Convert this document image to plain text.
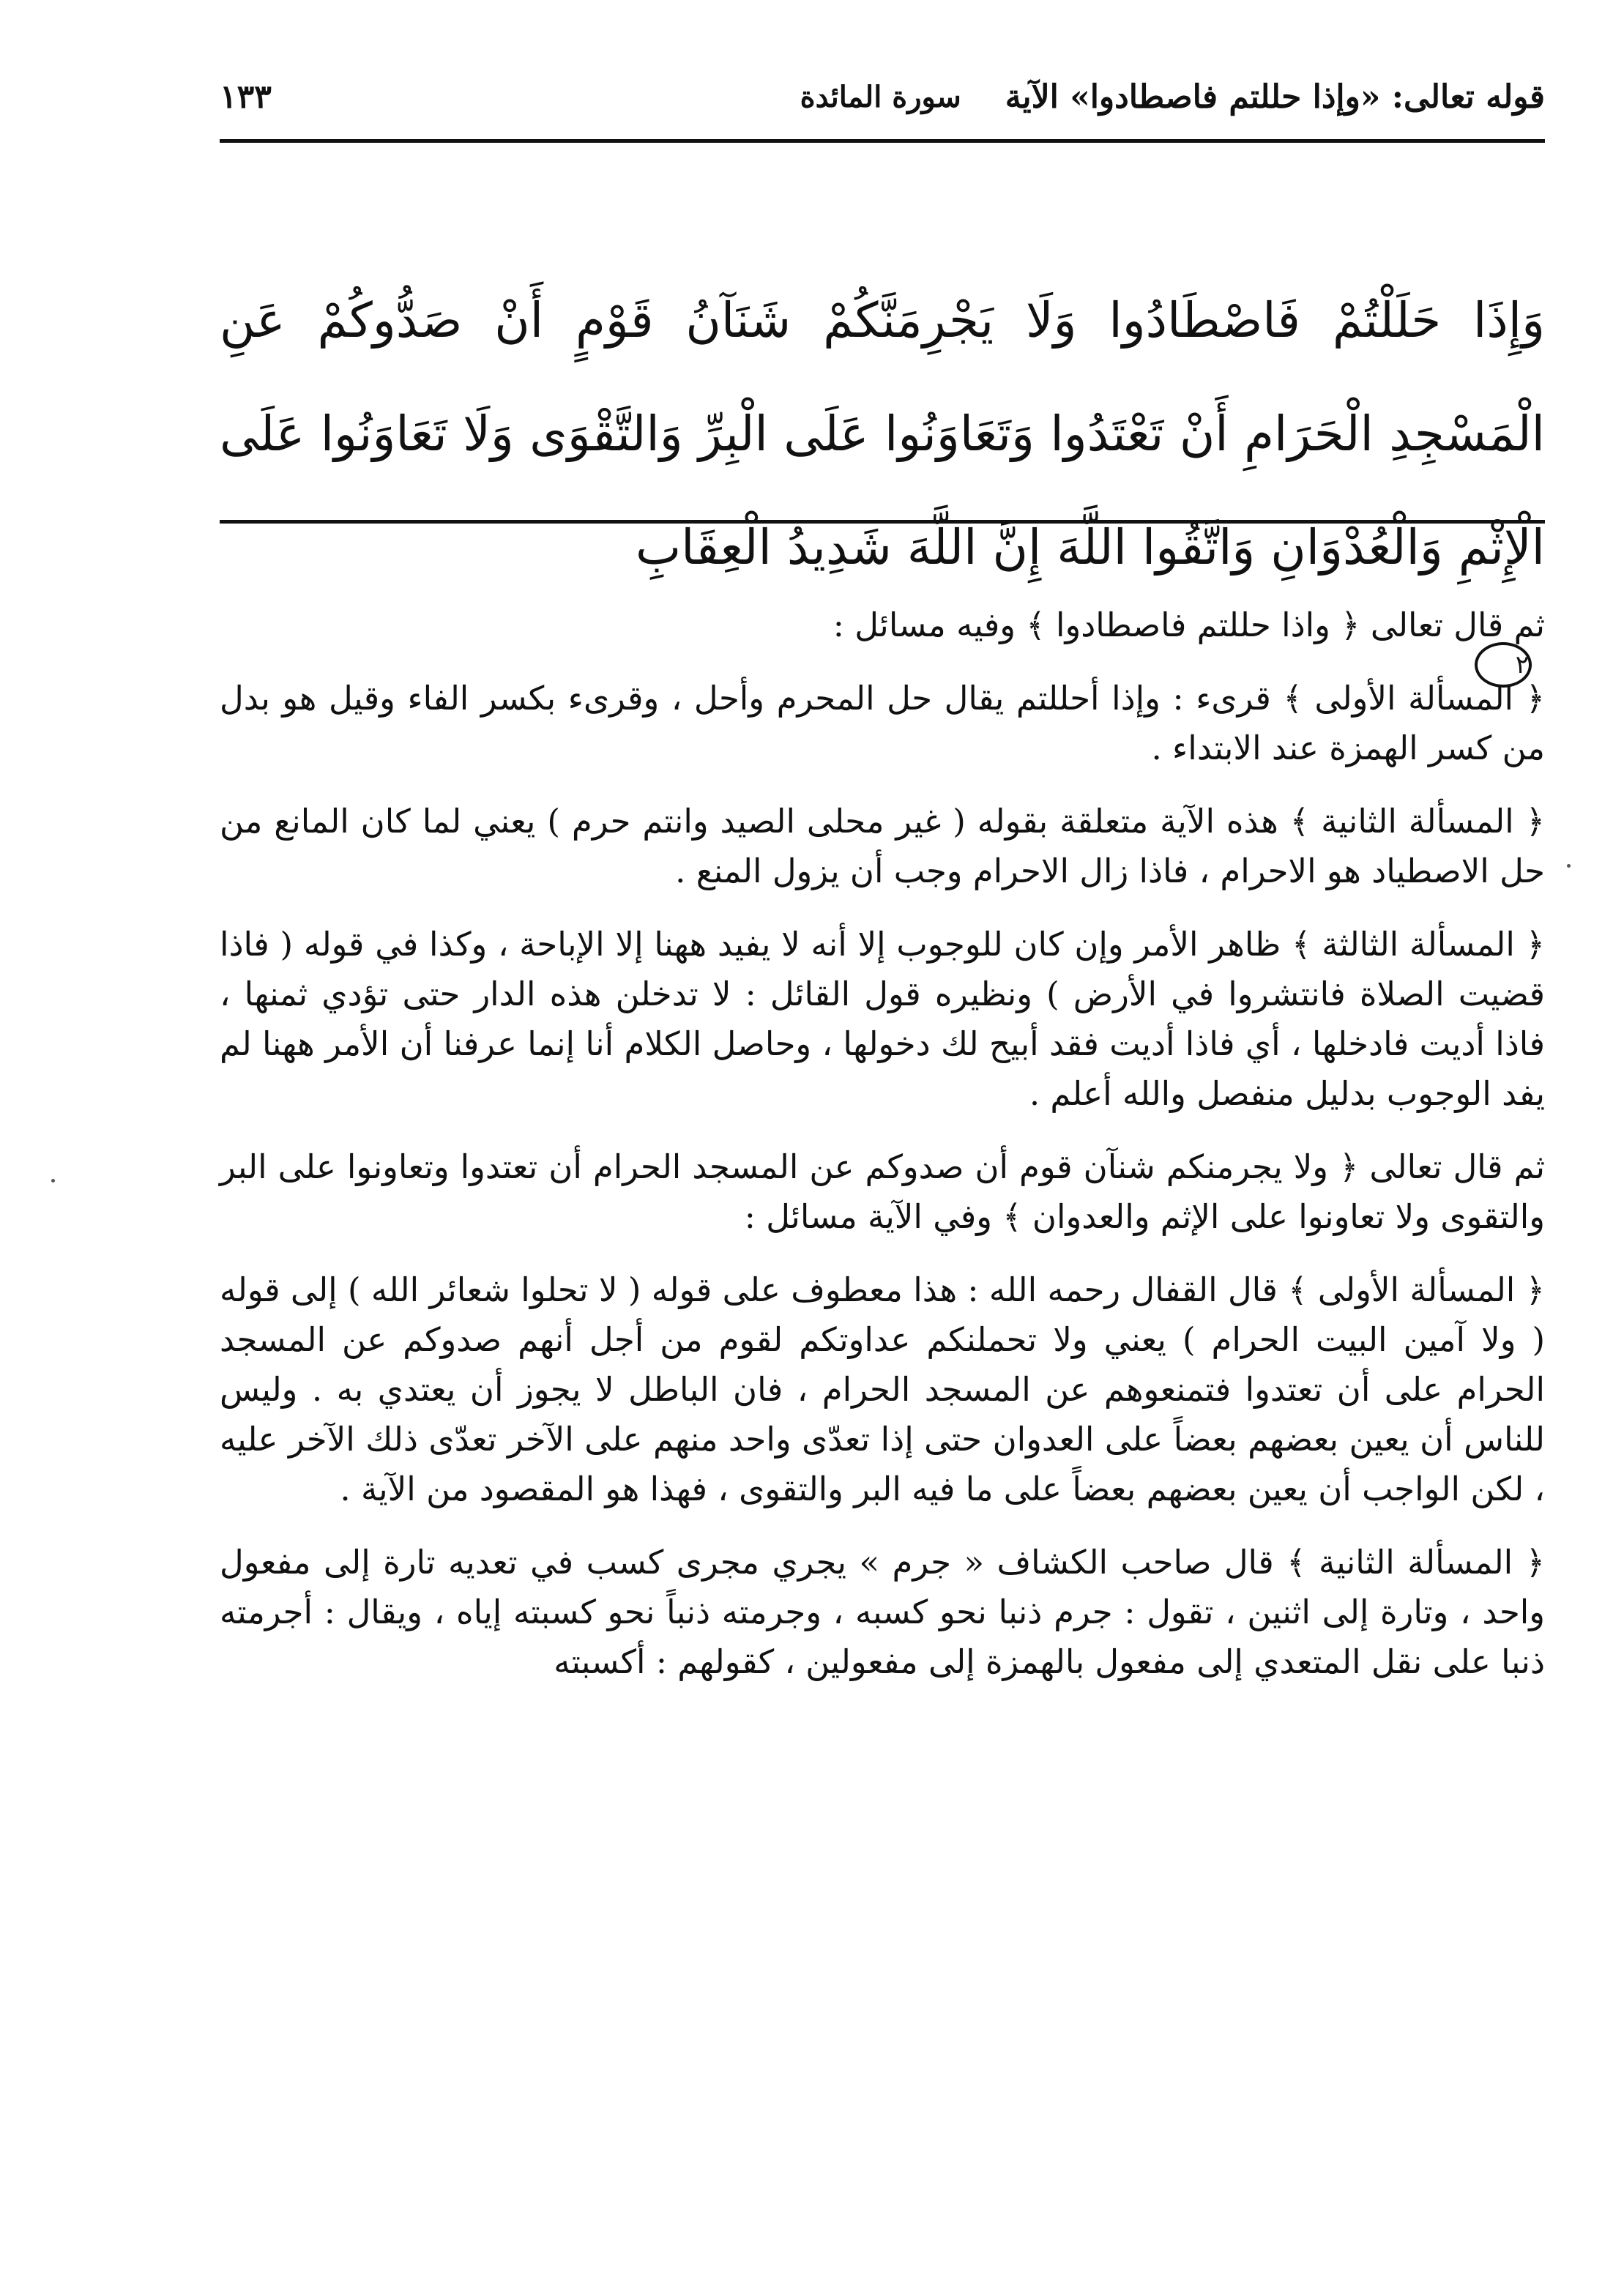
قوله تعالى: «وإذا حللتم فاصطادوا» الآية
سورة المائدة
١٣٣

وَإِذَا حَلَلْتُمْ فَاصْطَادُوا وَلَا يَجْرِمَنَّكُمْ شَنَآنُ قَوْمٍ أَنْ صَدُّوكُمْ عَنِ الْمَسْجِدِ الْحَرَامِ أَنْ تَعْتَدُوا وَتَعَاوَنُوا عَلَى الْبِرِّ وَالتَّقْوَى وَلَا تَعَاوَنُوا عَلَى الْإِثْمِ وَالْعُدْوَانِ وَاتَّقُوا اللَّهَ إِنَّ اللَّهَ شَدِيدُ الْعِقَابِ
٢

ثم قال تعالى ﴿ واذا حللتم فاصطادوا ﴾ وفيه مسائل :

﴿ المسألة الأولى ﴾ قرىء : وإذا أحللتم يقال حل المحرم وأحل ، وقرىء بكسر الفاء وقيل هو بدل من كسر الهمزة عند الابتداء .

﴿ المسألة الثانية ﴾ هذه الآية متعلقة بقوله ( غير محلى الصيد وانتم حرم ) يعني لما كان المانع من حل الاصطياد هو الاحرام ، فاذا زال الاحرام وجب أن يزول المنع .

﴿ المسألة الثالثة ﴾ ظاهر الأمر وإن كان للوجوب إلا أنه لا يفيد ههنا إلا الإباحة ، وكذا في قوله ( فاذا قضيت الصلاة فانتشروا في الأرض ) ونظيره قول القائل : لا تدخلن هذه الدار حتى تؤدي ثمنها ، فاذا أديت فادخلها ، أي فاذا أديت فقد أبيح لك دخولها ، وحاصل الكلام أنا إنما عرفنا أن الأمر ههنا لم يفد الوجوب بدليل منفصل والله أعلم .

ثم قال تعالى ﴿ ولا يجرمنكم شنآن قوم أن صدوكم عن المسجد الحرام أن تعتدوا وتعاونوا على البر والتقوى ولا تعاونوا على الإثم والعدوان ﴾ وفي الآية مسائل :

﴿ المسألة الأولى ﴾ قال القفال رحمه الله : هذا معطوف على قوله ( لا تحلوا شعائر الله ) إلى قوله ( ولا آمين البيت الحرام ) يعني ولا تحملنكم عداوتكم لقوم من أجل أنهم صدوكم عن المسجد الحرام على أن تعتدوا فتمنعوهم عن المسجد الحرام ، فان الباطل لا يجوز أن يعتدي به . وليس للناس أن يعين بعضهم بعضاً على العدوان حتى إذا تعدّى واحد منهم على الآخر تعدّى ذلك الآخر عليه ، لكن الواجب أن يعين بعضهم بعضاً على ما فيه البر والتقوى ، فهذا هو المقصود من الآية .

﴿ المسألة الثانية ﴾ قال صاحب الكشاف « جرم » يجري مجرى كسب في تعديه تارة إلى مفعول واحد ، وتارة إلى اثنين ، تقول : جرم ذنبا نحو كسبه ، وجرمته ذنباً نحو كسبته إياه ، ويقال : أجرمته ذنبا على نقل المتعدي إلى مفعول بالهمزة إلى مفعولين ، كقولهم : أكسبته
